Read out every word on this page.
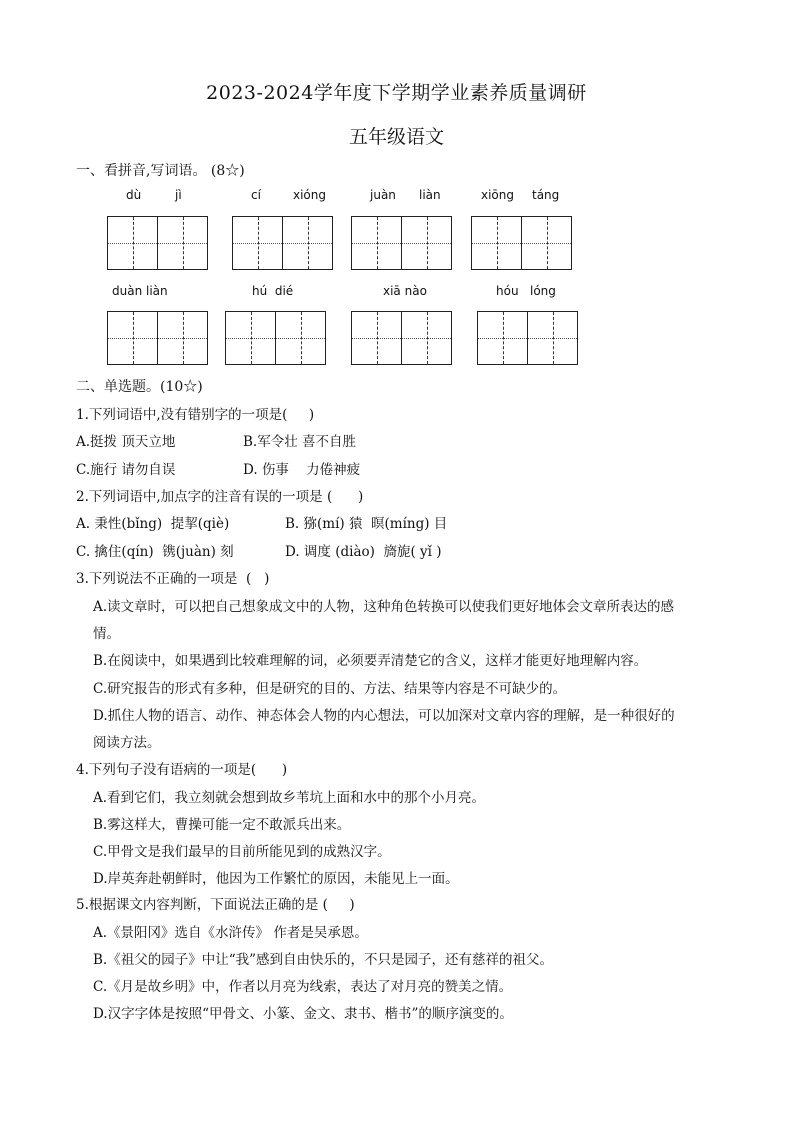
2023-2024学年度下学期学业素养质量调研
五年级语文
一、看拼音,写词语。 (8☆)
dù	jì	cí	xióng	juàn liàn	xiōng táng
duàn liàn	hú  dié	xiā nào	hóu   lóng
二、单选题。(10☆)
1.下列词语中,没有错别字的一项是(     )
A.挺拨 顶天立地	B.军令壮 喜不自胜
C.施行 请勿自误	D. 伤事    力倦神疲
2.下列词语中,加点字的注音有误的一项是 (      )
A. 秉性(bǐng)  提挈(qiè)	B. 猕(mí) 猿  暝(míng) 目
C. 擒住(qín)  镌(juàn) 刻	D. 调度 (diào)  旖旎( yǐ )
3.下列说法不正确的一项是  (   )
A.读文章时，可以把自己想象成文中的人物，这种角色转换可以使我们更好地体会文章所表达的感
情。
B.在阅读中，如果遇到比较难理解的词，必须要弄清楚它的含义，这样才能更好地理解内容。
C.研究报告的形式有多种，但是研究的目的、方法、结果等内容是不可缺少的。
D.抓住人物的语言、动作、神态体会人物的内心想法，可以加深对文章内容的理解，是一种很好的
阅读方法。
4.下列句子没有语病的一项是(      )
A.看到它们，我立刻就会想到故乡苇坑上面和水中的那个小月亮。
B.雾这样大，曹操可能一定不敢派兵出来。
C.甲骨文是我们最早的目前所能见到的成熟汉字。
D.岸英奔赴朝鲜时，他因为工作繁忙的原因，未能见上一面。
5.根据课文内容判断，下面说法正确的是 (     )
A.《景阳冈》选自《水浒传》 作者是吴承恩。
B.《祖父的园子》中让“我”感到自由快乐的，不只是园子，还有慈祥的祖父。
C.《月是故乡明》中，作者以月亮为线索，表达了对月亮的赞美之情。
D.汉字字体是按照“甲骨文、小篆、金文、隶书、楷书”的顺序演变的。
